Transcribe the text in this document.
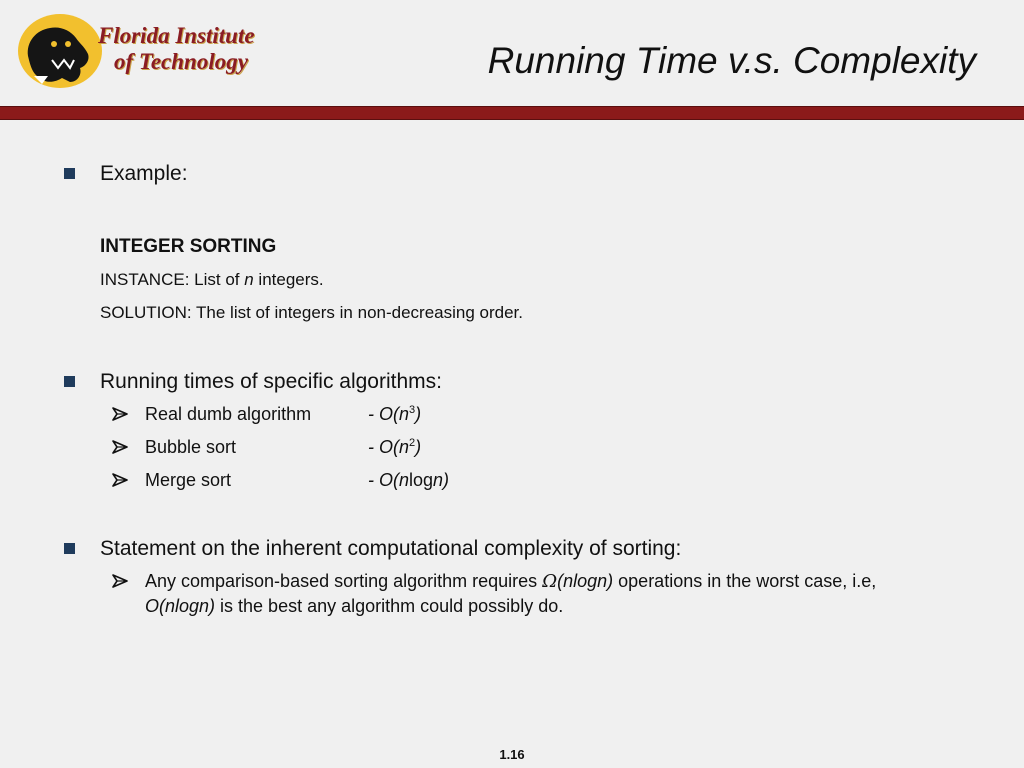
Florida Institute
of Technology	Running Time v.s. Complexity
Example:
INTEGER SORTING
INSTANCE: List of n integers.
SOLUTION: The list of integers in non-decreasing order.
Running times of specific algorithms:
Real dumb algorithm	- $O(n^3)$
Bubble sort	- $O(n^2)$
Merge sort	- O(nlogn)
Statement on the inherent computational complexity of sorting:
Any comparison-based sorting algorithm requires Ω(nlogn) operations in the worst case, i.e,
O(nlogn) is the best any algorithm could possibly do.
1.16
